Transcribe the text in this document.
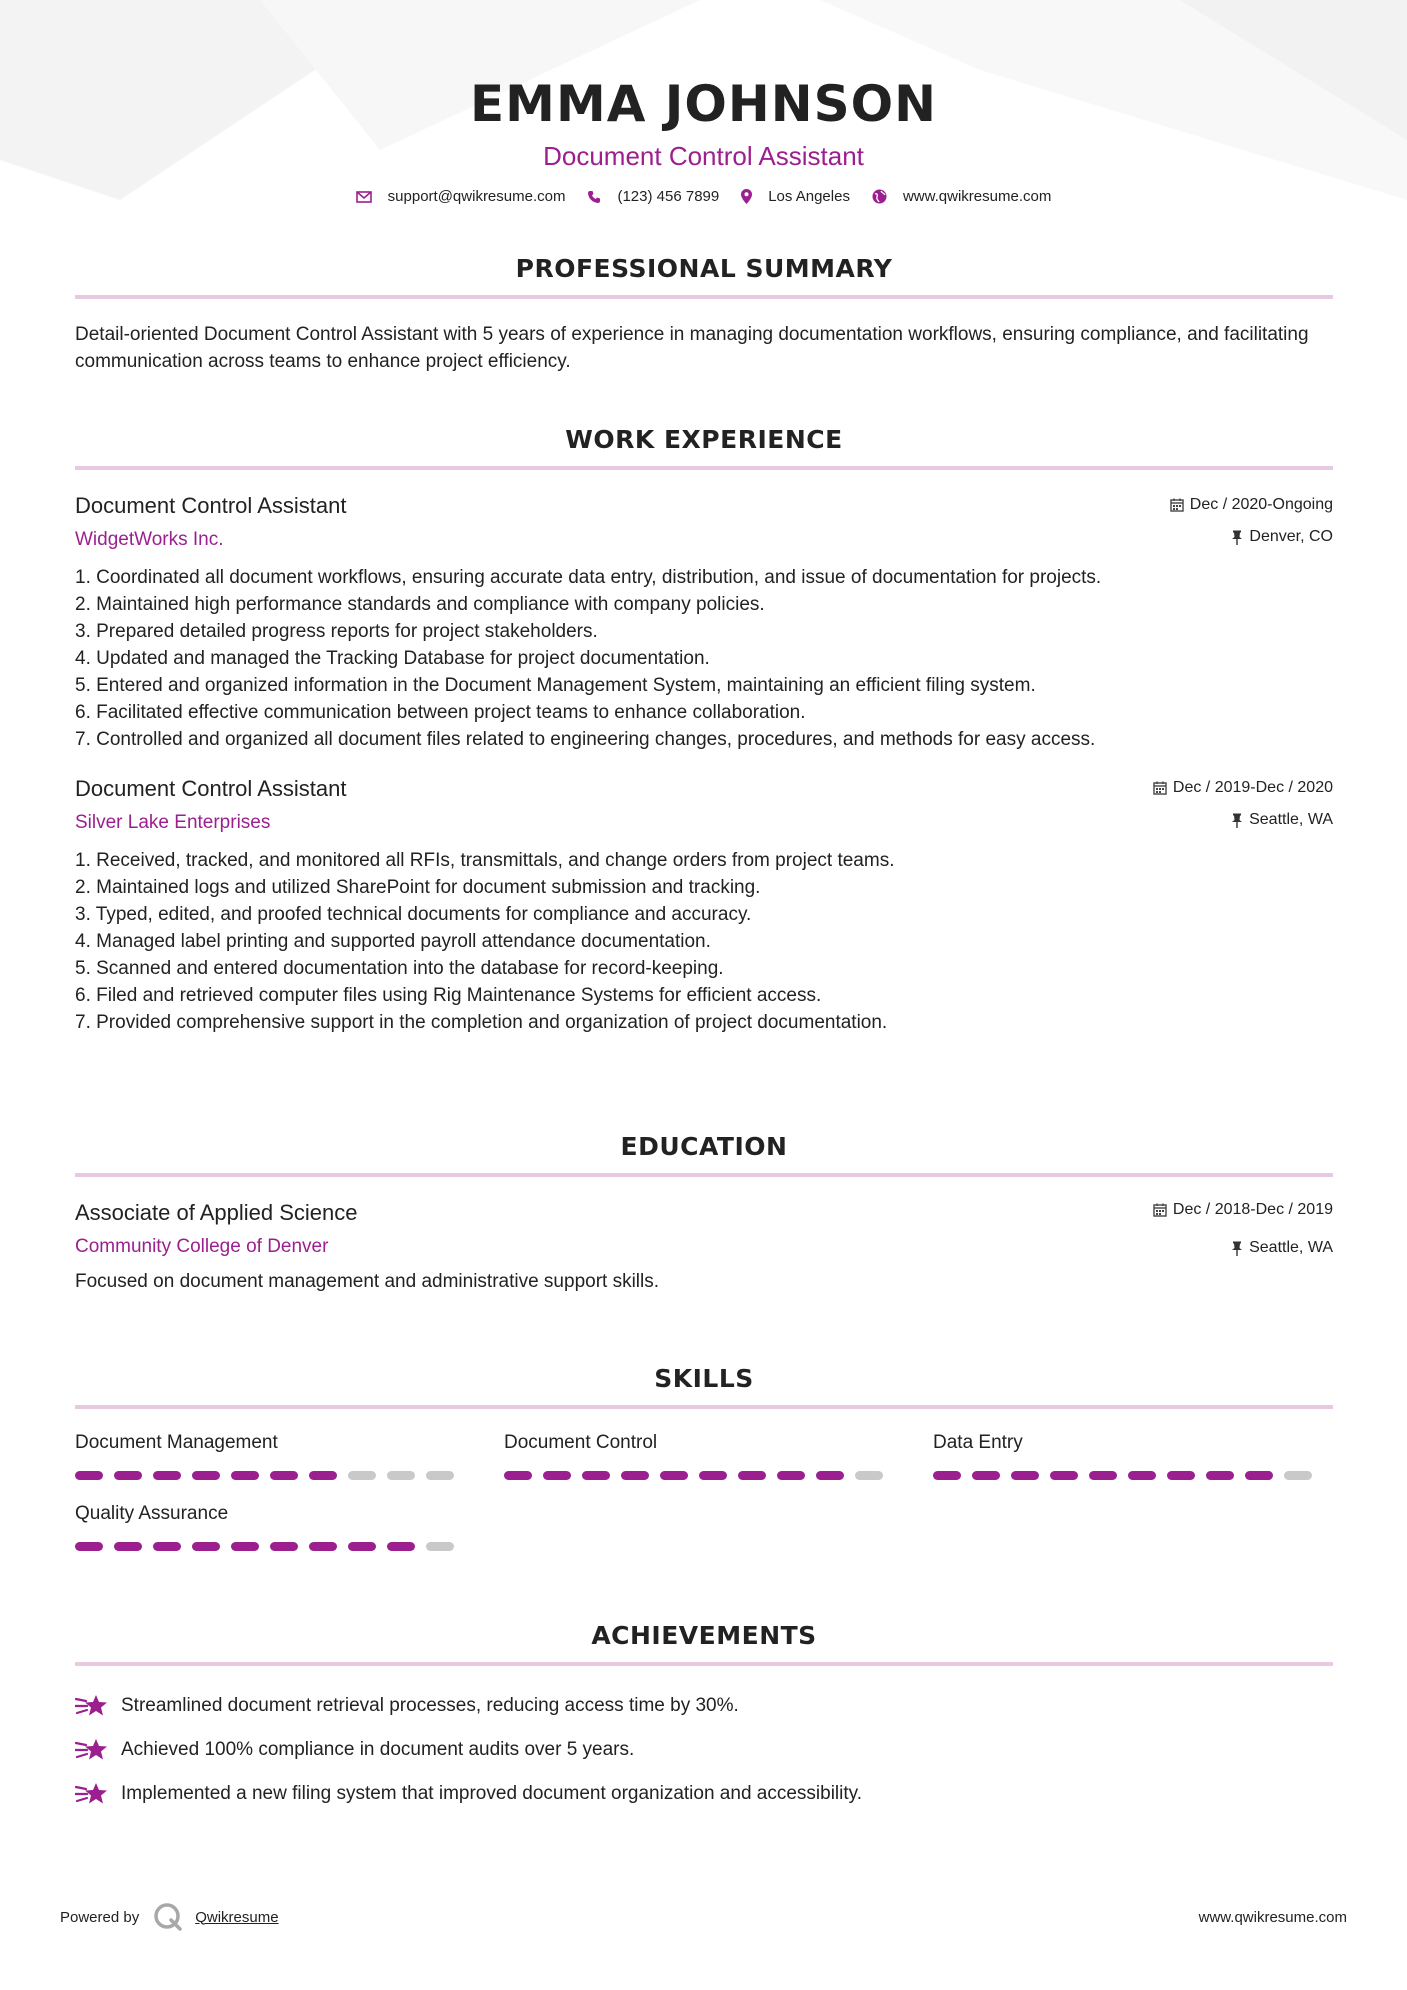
EMMA JOHNSON
Document Control Assistant
support@qwikresume.com	(123) 456 7899	Los Angeles	www.qwikresume.com
PROFESSIONAL SUMMARY
Detail-oriented Document Control Assistant with 5 years of experience in managing documentation workflows, ensuring compliance, and facilitating communication across teams to enhance project efficiency.
WORK EXPERIENCE
Dec / 2020-Ongoing
Denver, CO
Document Control Assistant
WidgetWorks Inc.
1. Coordinated all document workflows, ensuring accurate data entry, distribution, and issue of documentation for projects.
2. Maintained high performance standards and compliance with company policies.
3. Prepared detailed progress reports for project stakeholders.
4. Updated and managed the Tracking Database for project documentation.
5. Entered and organized information in the Document Management System, maintaining an efficient filing system.
6. Facilitated effective communication between project teams to enhance collaboration.
7. Controlled and organized all document files related to engineering changes, procedures, and methods for easy access.
Dec / 2019-Dec / 2020
Seattle, WA
Document Control Assistant
Silver Lake Enterprises
1. Received, tracked, and monitored all RFIs, transmittals, and change orders from project teams.
2. Maintained logs and utilized SharePoint for document submission and tracking.
3. Typed, edited, and proofed technical documents for compliance and accuracy.
4. Managed label printing and supported payroll attendance documentation.
5. Scanned and entered documentation into the database for record-keeping.
6. Filed and retrieved computer files using Rig Maintenance Systems for efficient access.
7. Provided comprehensive support in the completion and organization of project documentation.
EDUCATION
Dec / 2018-Dec / 2019
Seattle, WA
Associate of Applied Science
Community College of Denver
Focused on document management and administrative support skills.
SKILLS
Document Management	Document Control	Data Entry
Quality Assurance
ACHIEVEMENTS
Streamlined document retrieval processes, reducing access time by 30%.
Achieved 100% compliance in document audits over 5 years.
Implemented a new filing system that improved document organization and accessibility.
Powered by	Qwikresume	www.qwikresume.com
